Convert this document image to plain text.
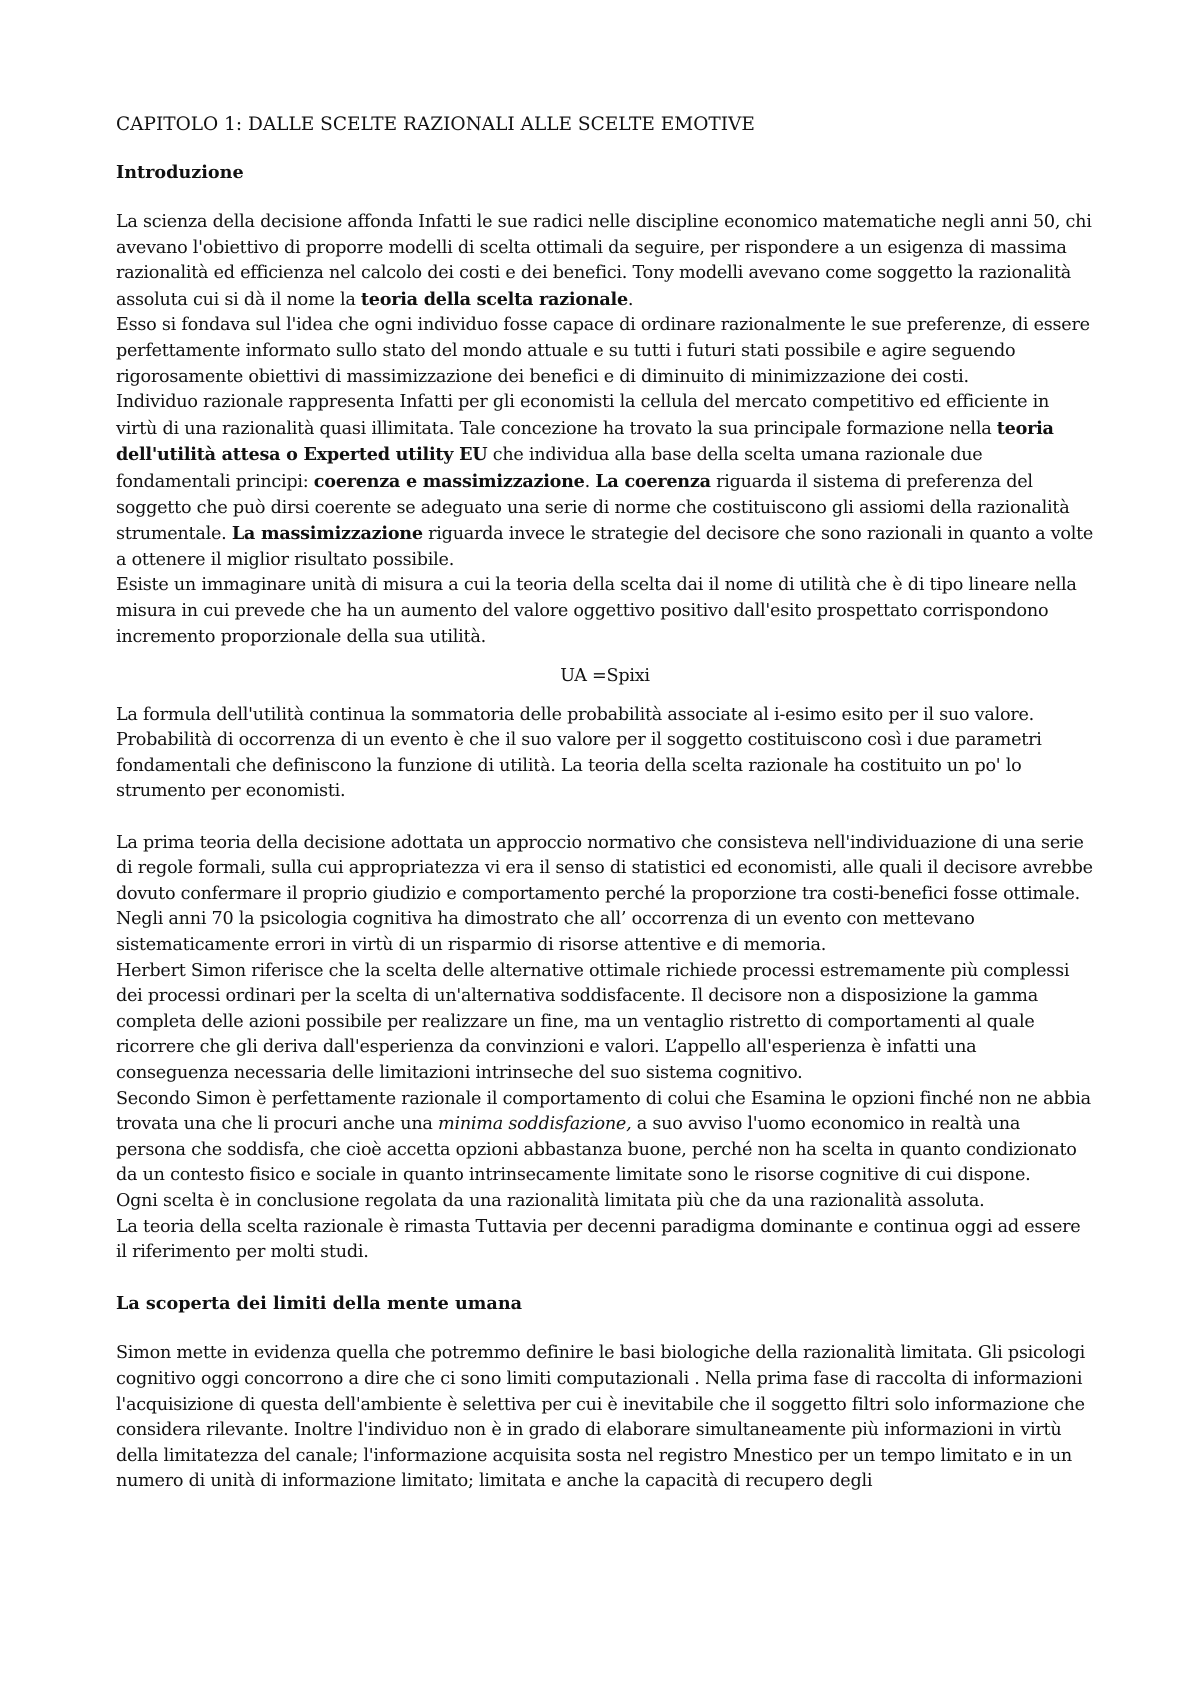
CAPITOLO 1: DALLE SCELTE RAZIONALI ALLE SCELTE EMOTIVE
Introduzione

La scienza della decisione affonda Infatti le sue radici nelle discipline economico matematiche negli anni 50, chi avevano l'obiettivo di proporre modelli di scelta ottimali da seguire, per rispondere a un esigenza di massima razionalità ed efficienza nel calcolo dei costi e dei benefici. Tony modelli avevano come soggetto la razionalità assoluta cui si dà il nome la teoria della scelta razionale.

Esso si fondava sul l'idea che ogni individuo fosse capace di ordinare razionalmente le sue preferenze, di essere perfettamente informato sullo stato del mondo attuale e su tutti i futuri stati possibile e agire seguendo rigorosamente obiettivi di massimizzazione dei benefici e di diminuito di minimizzazione dei costi.

Individuo razionale rappresenta Infatti per gli economisti la cellula del mercato competitivo ed efficiente in virtù di una razionalità quasi illimitata. Tale concezione ha trovato la sua principale formazione nella teoria dell'utilità attesa o Experted utility EU che individua alla base della scelta umana razionale due fondamentali principi: coerenza e massimizzazione. La coerenza riguarda il sistema di preferenza del soggetto che può dirsi coerente se adeguato una serie di norme che costituiscono gli assiomi della razionalità strumentale. La massimizzazione riguarda invece le strategie del decisore che sono razionali in quanto a volte a ottenere il miglior risultato possibile.

Esiste un immaginare unità di misura a cui la teoria della scelta dai il nome di utilità che è di tipo lineare nella misura in cui prevede che ha un aumento del valore oggettivo positivo dall'esito prospettato corrispondono incremento proporzionale della sua utilità.

UA =Spixi

La formula dell'utilità continua la sommatoria delle probabilità associate al i-esimo esito per il suo valore. Probabilità di occorrenza di un evento è che il suo valore per il soggetto costituiscono così i due parametri fondamentali che definiscono la funzione di utilità. La teoria della scelta razionale ha costituito un po' lo strumento per economisti.

La prima teoria della decisione adottata un approccio normativo che consisteva nell'individuazione di una serie di regole formali, sulla cui appropriatezza vi era il senso di statistici ed economisti, alle quali il decisore avrebbe dovuto confermare il proprio giudizio e comportamento perché la proporzione tra costi-benefici fosse ottimale.

Negli anni 70 la psicologia cognitiva ha dimostrato che all’ occorrenza di un evento con mettevano sistematicamente errori in virtù di un risparmio di risorse attentive e di memoria.

Herbert Simon riferisce che la scelta delle alternative ottimale richiede processi estremamente più complessi dei processi ordinari per la scelta di un'alternativa soddisfacente. Il decisore non a disposizione la gamma completa delle azioni possibile per realizzare un fine, ma un ventaglio ristretto di comportamenti al quale ricorrere che gli deriva dall'esperienza da convinzioni e valori. L’appello all'esperienza è infatti una conseguenza necessaria delle limitazioni intrinseche del suo sistema cognitivo.

Secondo Simon è perfettamente razionale il comportamento di colui che Esamina le opzioni finché non ne abbia trovata una che li procuri anche una minima soddisfazione, a suo avviso l'uomo economico in realtà una persona che soddisfa, che cioè accetta opzioni abbastanza buone, perché non ha scelta in quanto condizionato da un contesto fisico e sociale in quanto intrinsecamente limitate sono le risorse cognitive di cui dispone.

Ogni scelta è in conclusione regolata da una razionalità limitata più che da una razionalità assoluta.

La teoria della scelta razionale è rimasta Tuttavia per decenni paradigma dominante e continua oggi ad essere il riferimento per molti studi.

La scoperta dei limiti della mente umana

Simon mette in evidenza quella che potremmo definire le basi biologiche della razionalità limitata. Gli psicologi cognitivo oggi concorrono a dire che ci sono limiti computazionali . Nella prima fase di raccolta di informazioni l'acquisizione di questa dell'ambiente è selettiva per cui è inevitabile che il soggetto filtri solo informazione che considera rilevante. Inoltre l'individuo non è in grado di elaborare simultaneamente più informazioni in virtù della limitatezza del canale; l'informazione acquisita sosta nel registro Mnestico per un tempo limitato e in un numero di unità di informazione limitato; limitata e anche la capacità di recupero degli
